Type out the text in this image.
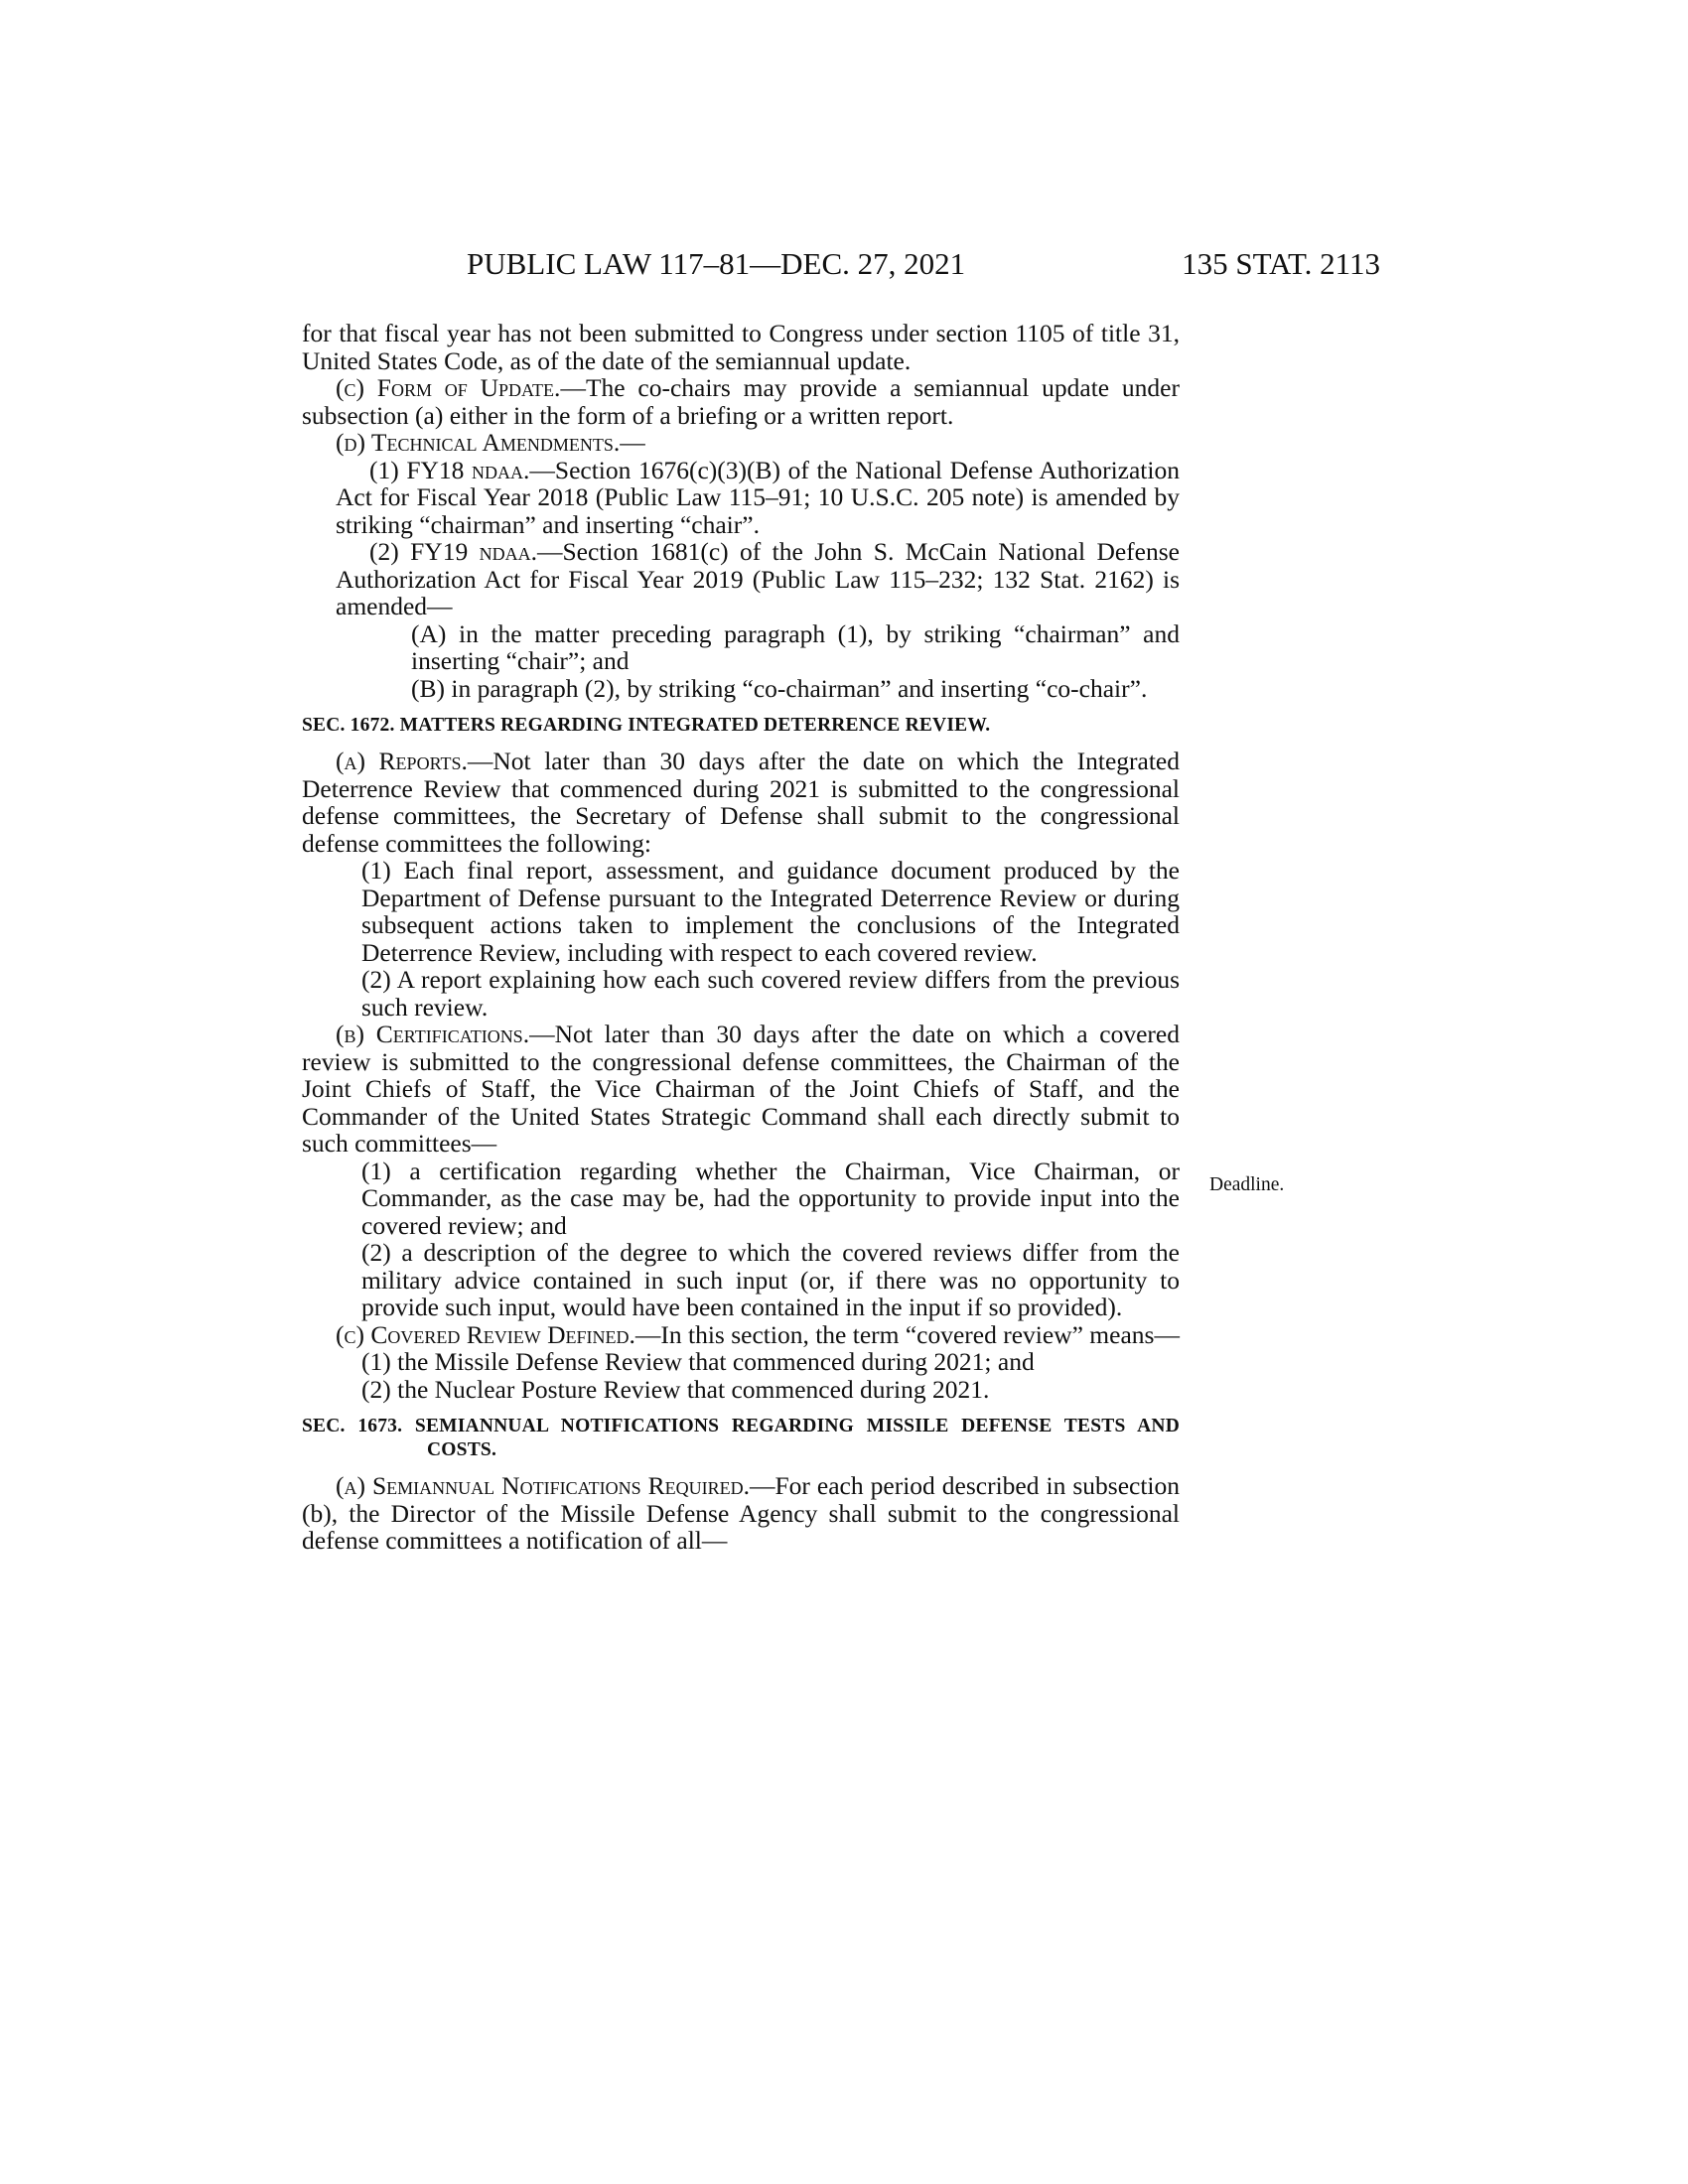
PUBLIC LAW 117–81—DEC. 27, 2021	135 STAT. 2113
Deadline.

for that fiscal year has not been submitted to Congress under section 1105 of title 31, United States Code, as of the date of the semiannual update.

(c) Form of Update.—The co-chairs may provide a semiannual update under subsection (a) either in the form of a briefing or a written report.

(d) Technical Amendments.—

(1) FY18 ndaa.—Section 1676(c)(3)(B) of the National Defense Authorization Act for Fiscal Year 2018 (Public Law 115–91; 10 U.S.C. 205 note) is amended by striking “chairman” and inserting “chair”.

(2) FY19 ndaa.—Section 1681(c) of the John S. McCain National Defense Authorization Act for Fiscal Year 2019 (Public Law 115–232; 132 Stat. 2162) is amended—

(A) in the matter preceding paragraph (1), by striking “chairman” and inserting “chair”; and

(B) in paragraph (2), by striking “co-chairman” and inserting “co-chair”.

SEC. 1672. MATTERS REGARDING INTEGRATED DETERRENCE REVIEW.

(a) Reports.—Not later than 30 days after the date on which the Integrated Deterrence Review that commenced during 2021 is submitted to the congressional defense committees, the Secretary of Defense shall submit to the congressional defense committees the following:

(1) Each final report, assessment, and guidance document produced by the Department of Defense pursuant to the Integrated Deterrence Review or during subsequent actions taken to implement the conclusions of the Integrated Deterrence Review, including with respect to each covered review.

(2) A report explaining how each such covered review differs from the previous such review.

(b) Certifications.—Not later than 30 days after the date on which a covered review is submitted to the congressional defense committees, the Chairman of the Joint Chiefs of Staff, the Vice Chairman of the Joint Chiefs of Staff, and the Commander of the United States Strategic Command shall each directly submit to such committees—

(1) a certification regarding whether the Chairman, Vice Chairman, or Commander, as the case may be, had the opportunity to provide input into the covered review; and

(2) a description of the degree to which the covered reviews differ from the military advice contained in such input (or, if there was no opportunity to provide such input, would have been contained in the input if so provided).

(c) Covered Review Defined.—In this section, the term “covered review” means—

(1) the Missile Defense Review that commenced during 2021; and

(2) the Nuclear Posture Review that commenced during 2021.

SEC. 1673. SEMIANNUAL NOTIFICATIONS REGARDING MISSILE DEFENSE TESTS AND COSTS.

(a) Semiannual Notifications Required.—For each period described in subsection (b), the Director of the Missile Defense Agency shall submit to the congressional defense committees a notification of all—
